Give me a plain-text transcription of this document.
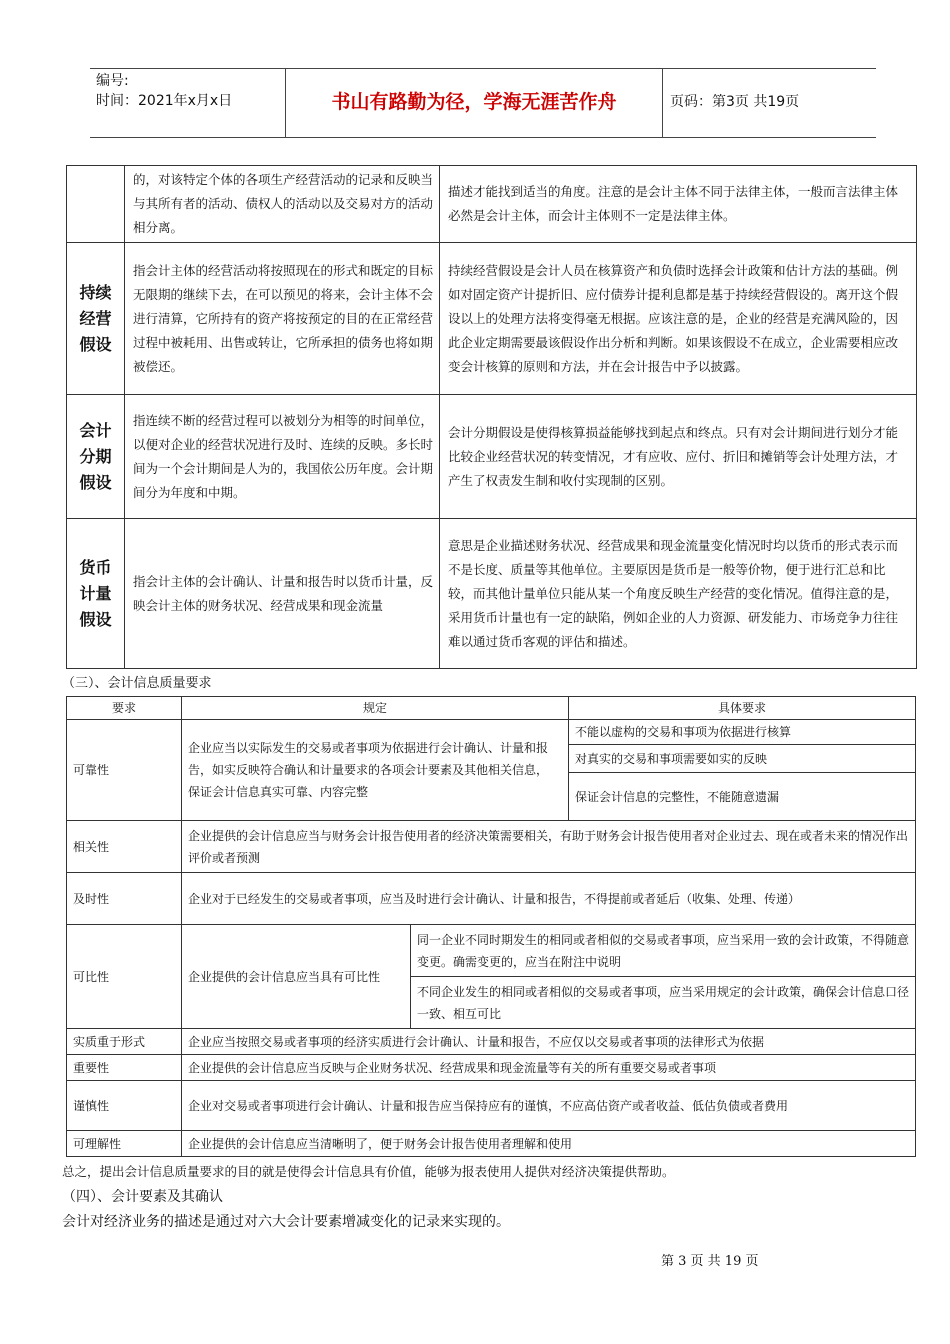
编号:
时间：2021年x月x日	书山有路勤为径，学海无涯苦作舟	页码：第3页 共19页
	的，对该特定个体的各项生产经营活动的记录和反映当与其所有者的活动、债权人的活动以及交易对方的活动相分离。	描述才能找到适当的角度。注意的是会计主体不同于法律主体，一般而言法律主体必然是会计主体，而会计主体则不一定是法律主体。

持续经营假设	指会计主体的经营活动将按照现在的形式和既定的目标无限期的继续下去，在可以预见的将来，会计主体不会进行清算，它所持有的资产将按预定的目的在正常经营过程中被耗用、出售或转让，它所承担的债务也将如期被偿还。	持续经营假设是会计人员在核算资产和负债时选择会计政策和估计方法的基础。例如对固定资产计提折旧、应付债券计提利息都是基于持续经营假设的。离开这个假设以上的处理方法将变得毫无根据。应该注意的是，企业的经营是充满风险的，因此企业定期需要最该假设作出分析和判断。如果该假设不在成立，企业需要相应改变会计核算的原则和方法，并在会计报告中予以披露。

会计分期假设	指连续不断的经营过程可以被划分为相等的时间单位，以便对企业的经营状况进行及时、连续的反映。多长时间为一个会计期间是人为的，我国依公历年度。会计期间分为年度和中期。	会计分期假设是使得核算损益能够找到起点和终点。只有对会计期间进行划分才能比较企业经营状况的转变情况，才有应收、应付、折旧和摊销等会计处理方法，才产生了权责发生制和收付实现制的区别。

货币计量假设	指会计主体的会计确认、计量和报告时以货币计量，反映会计主体的财务状况、经营成果和现金流量	意思是企业描述财务状况、经营成果和现金流量变化情况时均以货币的形式表示而不是长度、质量等其他单位。主要原因是货币是一般等价物，便于进行汇总和比较，而其他计量单位只能从某一个角度反映生产经营的变化情况。值得注意的是，采用货币计量也有一定的缺陷，例如企业的人力资源、研发能力、市场竞争力往往难以通过货币客观的评估和描述。
（三）、会计信息质量要求
要求	规定		具体要求
可靠性	企业应当以实际发生的交易或者事项为依据进行会计确认、计量和报告，如实反映符合确认和计量要求的各项会计要素及其他相关信息，保证会计信息真实可靠、内容完整		不能以虚构的交易和事项为依据进行核算
			对真实的交易和事项需要如实的反映
			保证会计信息的完整性，不能随意遗漏
相关性	企业提供的会计信息应当与财务会计报告使用者的经济决策需要相关，有助于财务会计报告使用者对企业过去、现在或者未来的情况作出评价或者预测		
及时性	企业对于已经发生的交易或者事项，应当及时进行会计确认、计量和报告，不得提前或者延后（收集、处理、传递）		
可比性	企业提供的会计信息应当具有可比性	同一企业不同时期发生的相同或者相似的交易或者事项，应当采用一致的会计政策，不得随意变更。确需变更的，应当在附注中说明	
		不同企业发生的相同或者相似的交易或者事项，应当采用规定的会计政策，确保会计信息口径一致、相互可比	
实质重于形式	企业应当按照交易或者事项的经济实质进行会计确认、计量和报告，不应仅以交易或者事项的法律形式为依据		
重要性	企业提供的会计信息应当反映与企业财务状况、经营成果和现金流量等有关的所有重要交易或者事项		
谨慎性	企业对交易或者事项进行会计确认、计量和报告应当保持应有的谨慎，不应高估资产或者收益、低估负债或者费用		
可理解性	企业提供的会计信息应当清晰明了，便于财务会计报告使用者理解和使用		
总之，提出会计信息质量要求的目的就是使得会计信息具有价值，能够为报表使用人提供对经济决策提供帮助。
（四）、会计要素及其确认
会计对经济业务的描述是通过对六大会计要素增减变化的记录来实现的。
第 3 页 共 19 页
